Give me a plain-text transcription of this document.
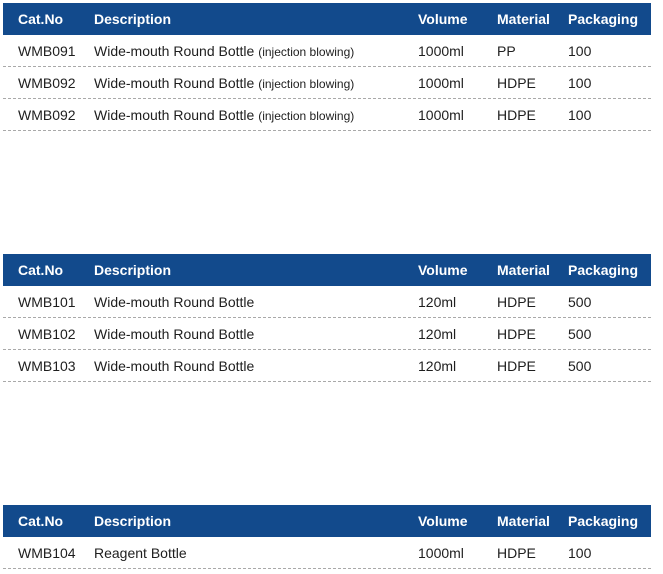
Cat.No Description	Volume Material Packaging
WMB091 Wide-mouth Round Bottle (injection blowing)	1000ml PP	100
WMB092 Wide-mouth Round Bottle (injection blowing)	1000ml HDPE 100
WMB092 Wide-mouth Round Bottle (injection blowing)	1000ml HDPE 100
Cat.No Description	Volume Material Packaging
WMB101 Wide-mouth Round Bottle	120ml	HDPE 500
WMB102 Wide-mouth Round Bottle	120ml	HDPE 500
WMB103 Wide-mouth Round Bottle	120ml	HDPE 500
Cat.No Description	Volume Material Packaging
WMB104 Reagent Bottle	1000ml HDPE 100
